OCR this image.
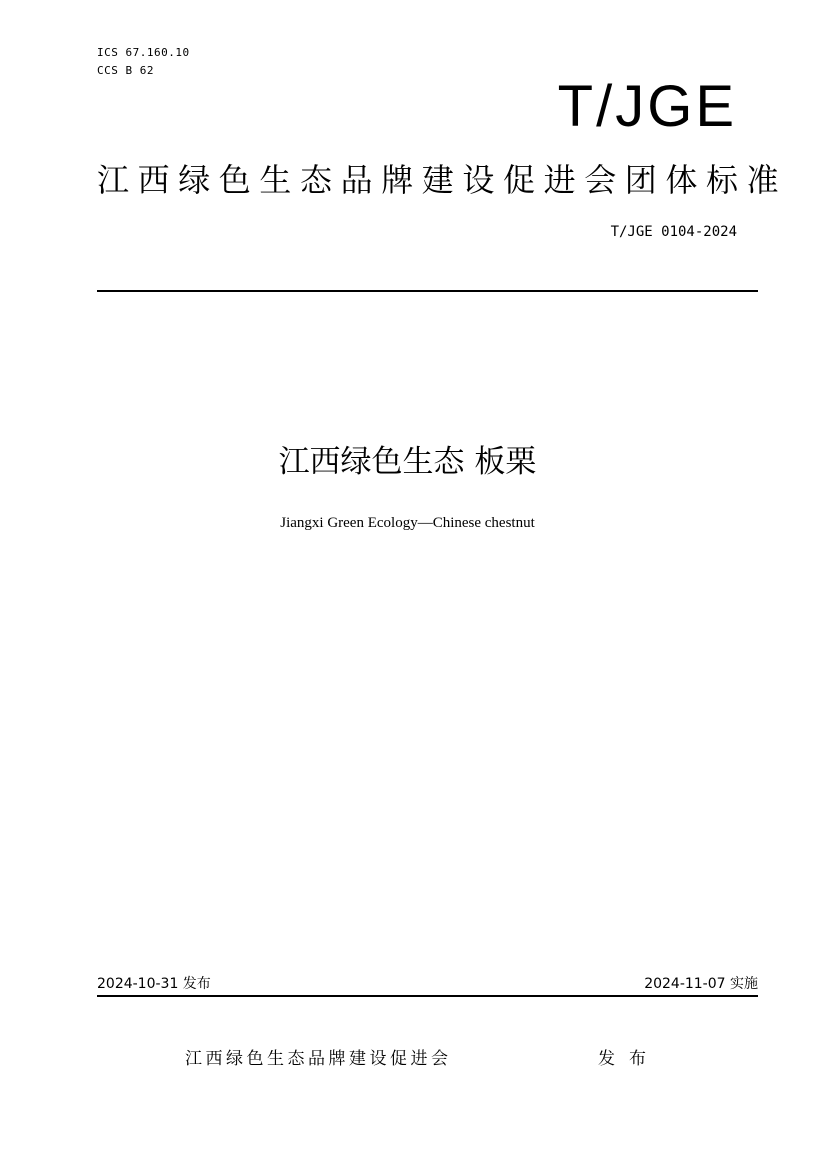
ICS 67.160.10
CCS B 62
T/JGE
江西绿色生态品牌建设促进会团体标准
T/JGE 0104-2024
江西绿色生态 板栗
Jiangxi Green Ecology—Chinese chestnut
2024-10-31 发布	2024-11-07 实施
江西绿色生态品牌建设促进会	发布
